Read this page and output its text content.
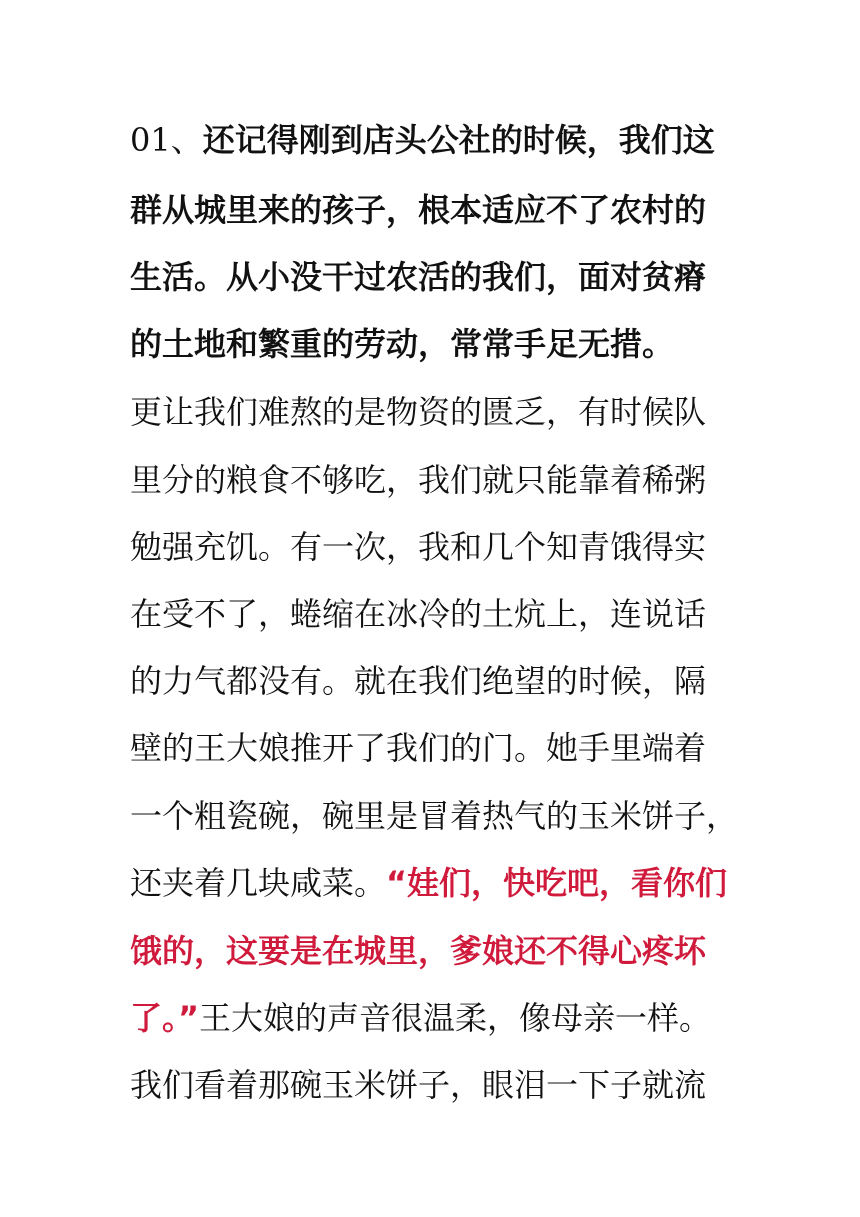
01、还记得刚到店头公社的时候，我们这
群从城里来的孩子，根本适应不了农村的
生活。从小没干过农活的我们，面对贫瘠
的土地和繁重的劳动，常常手足无措。
更让我们难熬的是物资的匮乏，有时候队
里分的粮食不够吃，我们就只能靠着稀粥
勉强充饥。有一次，我和几个知青饿得实
在受不了，蜷缩在冰冷的土炕上，连说话
的力气都没有。就在我们绝望的时候，隔
壁的王大娘推开了我们的门。她手里端着
一个粗瓷碗，碗里是冒着热气的玉米饼子，
还夹着几块咸菜。“娃们，快吃吧，看你们
饿的，这要是在城里，爹娘还不得心疼坏
了。”王大娘的声音很温柔，像母亲一样。
我们看着那碗玉米饼子，眼泪一下子就流
